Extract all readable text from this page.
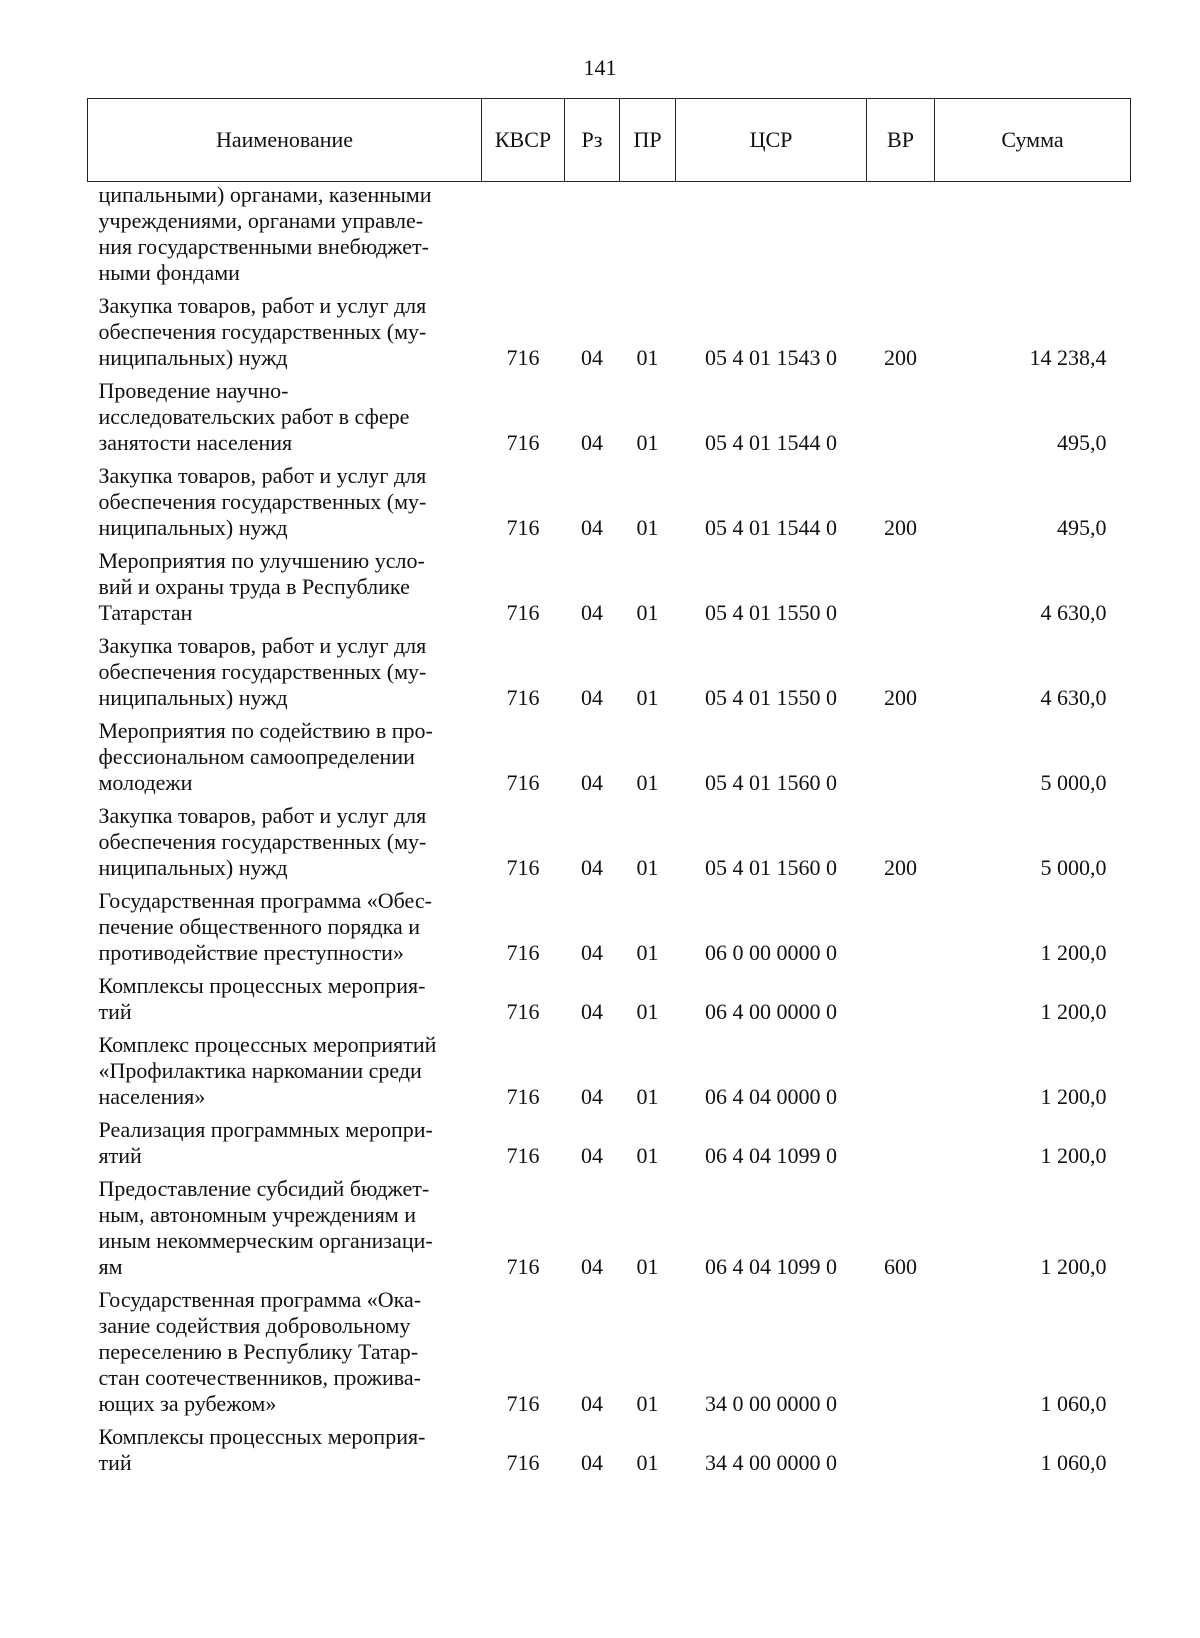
141
Наименование	КВСР	Рз	ПР	ЦСР	ВР	Сумма
ципальными) органами, казенными
учреждениями, органами управле-
ния государственными внебюджет-
ными фондами						
Закупка товаров, работ и услуг для
обеспечения государственных (му-
ниципальных) нужд	716	04	01	05 4 01 1543 0	200	14 238,4
Проведение научно-
исследовательских работ в сфере
занятости населения	716	04	01	05 4 01 1544 0		495,0
Закупка товаров, работ и услуг для
обеспечения государственных (му-
ниципальных) нужд	716	04	01	05 4 01 1544 0	200	495,0
Мероприятия по улучшению усло-
вий и охраны труда в Республике
Татарстан	716	04	01	05 4 01 1550 0		4 630,0
Закупка товаров, работ и услуг для
обеспечения государственных (му-
ниципальных) нужд	716	04	01	05 4 01 1550 0	200	4 630,0
Мероприятия по содействию в про-
фессиональном самоопределении
молодежи	716	04	01	05 4 01 1560 0		5 000,0
Закупка товаров, работ и услуг для
обеспечения государственных (му-
ниципальных) нужд	716	04	01	05 4 01 1560 0	200	5 000,0
Государственная программа «Обес-
печение общественного порядка и
противодействие преступности»	716	04	01	06 0 00 0000 0		1 200,0
Комплексы процессных мероприя-
тий	716	04	01	06 4 00 0000 0		1 200,0
Комплекс процессных мероприятий
«Профилактика наркомании среди
населения»	716	04	01	06 4 04 0000 0		1 200,0
Реализация программных меропри-
ятий	716	04	01	06 4 04 1099 0		1 200,0
Предоставление субсидий бюджет-
ным, автономным учреждениям и
иным некоммерческим организаци-
ям	716	04	01	06 4 04 1099 0	600	1 200,0
Государственная программа «Ока-
зание содействия добровольному
переселению в Республику Татар-
стан соотечественников, прожива-
ющих за рубежом»	716	04	01	34 0 00 0000 0		1 060,0
Комплексы процессных мероприя-
тий	716	04	01	34 4 00 0000 0		1 060,0
